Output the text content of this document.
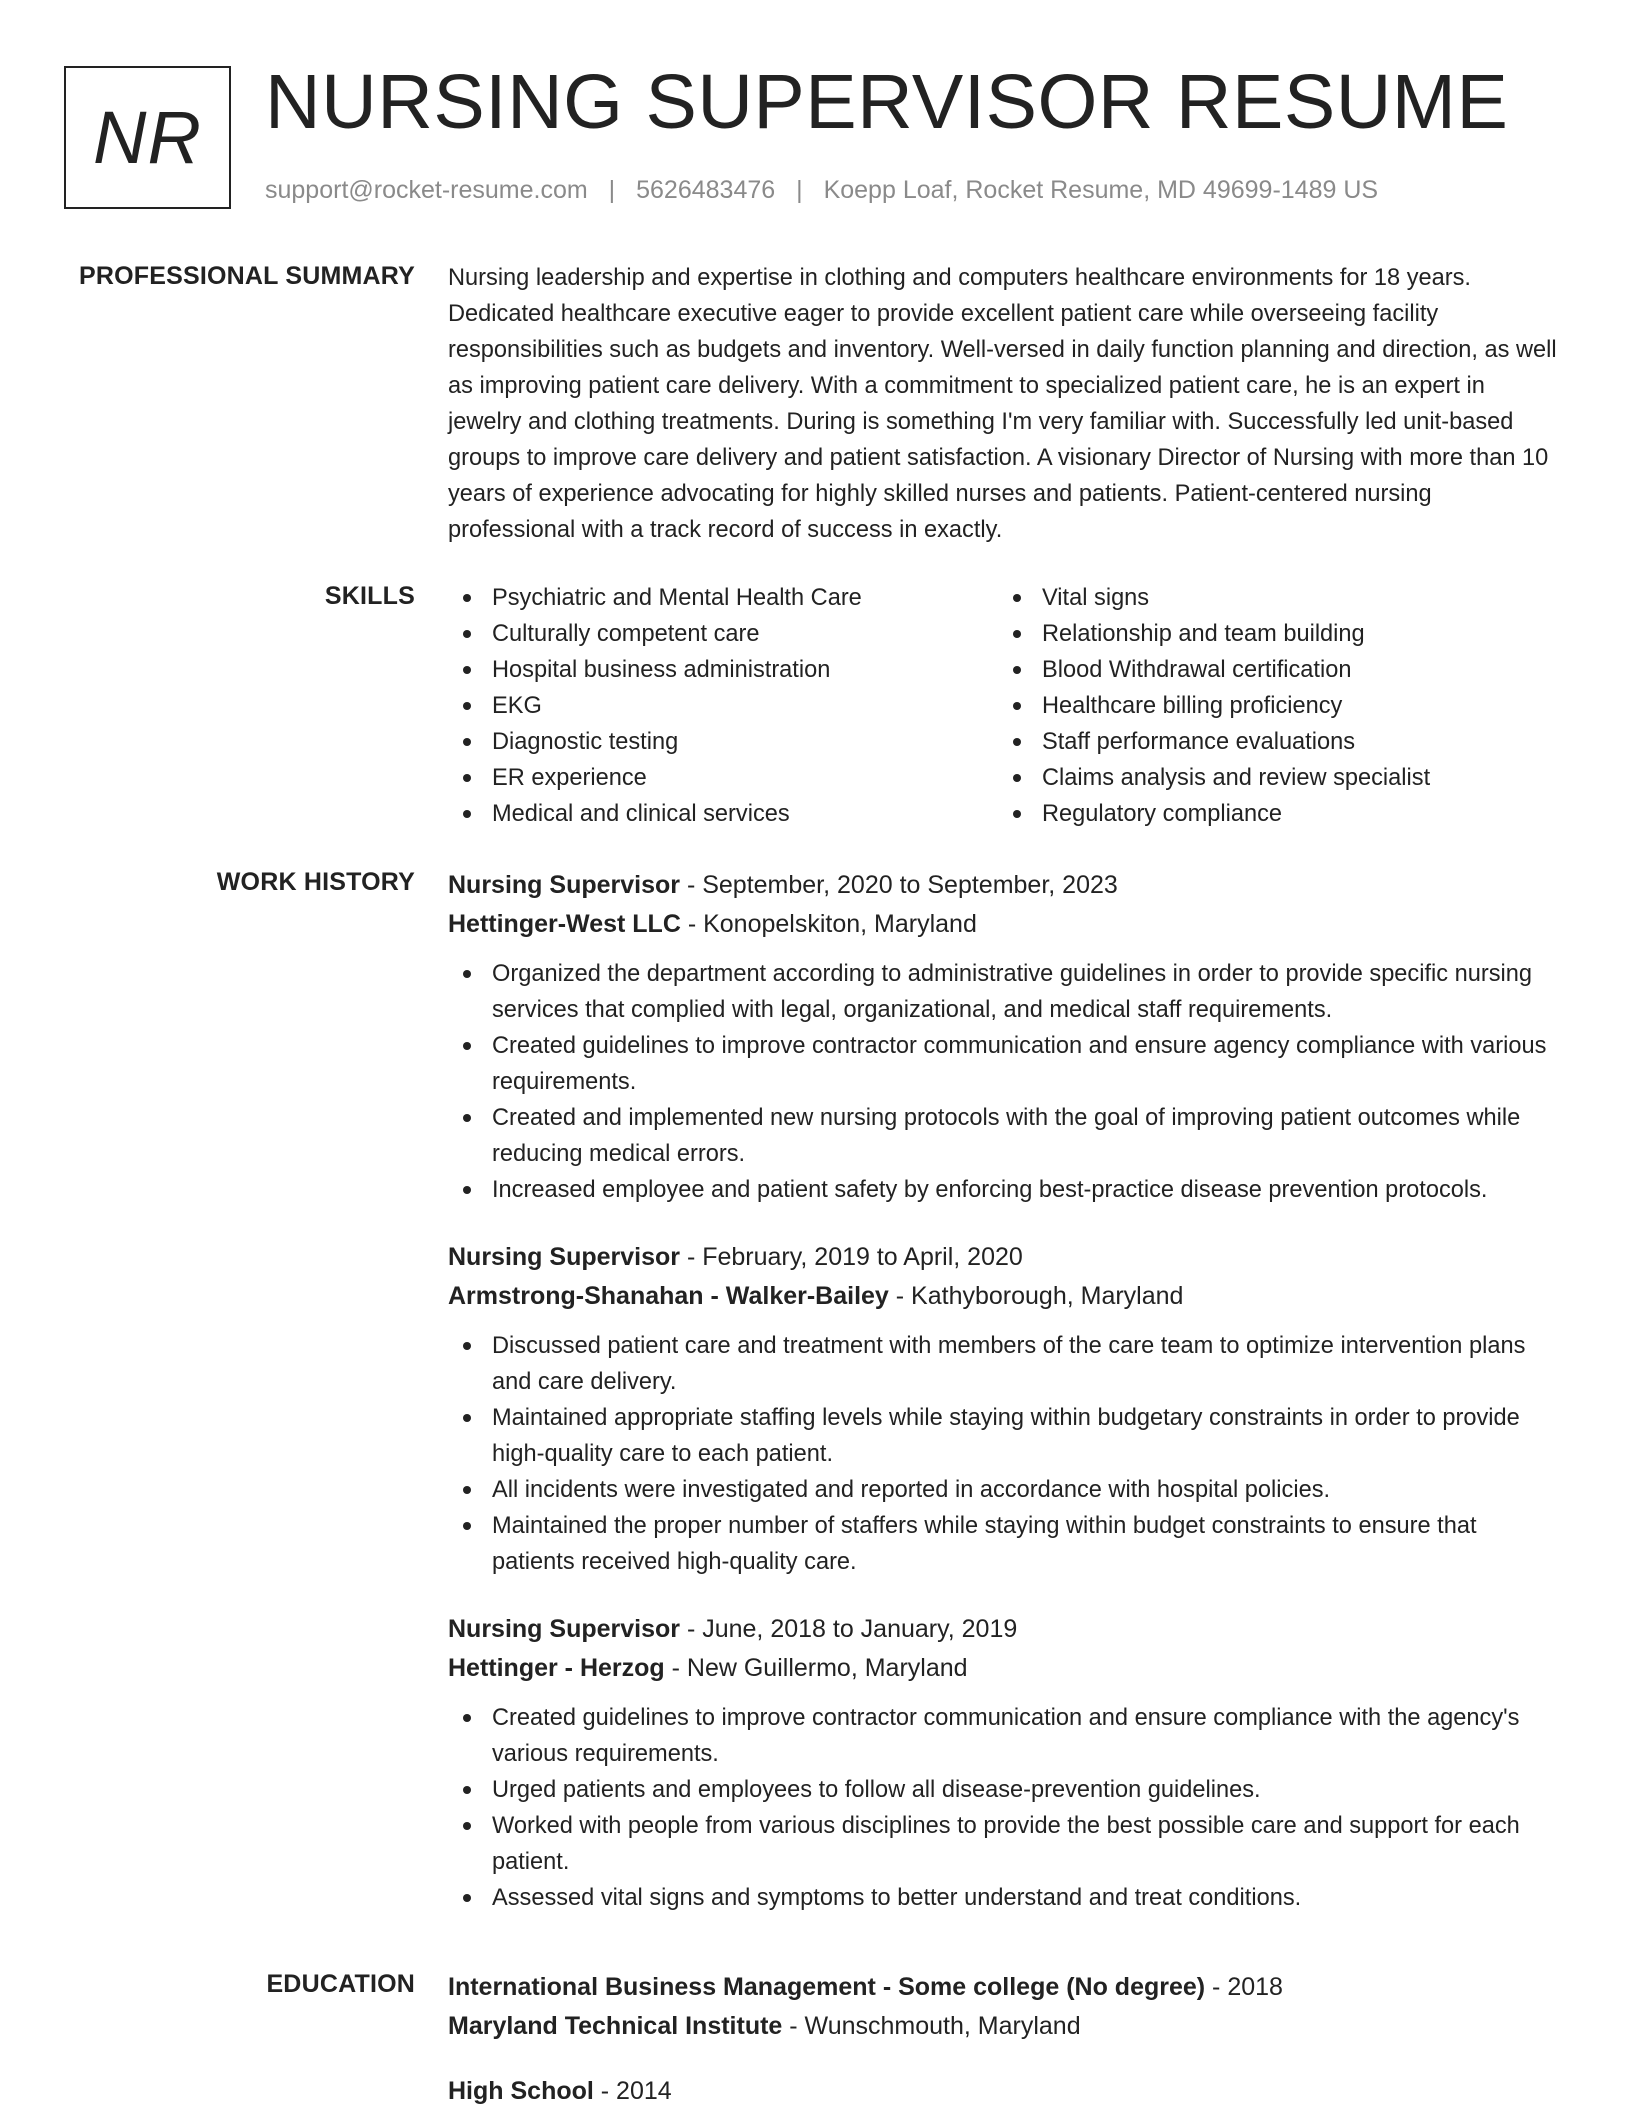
NR NURSING SUPERVISOR RESUME
support@rocket-resume.com | 5626483476 | Koepp Loaf, Rocket Resume, MD 49699-1489 US
PROFESSIONAL SUMMARY Nursing leadership and expertise in clothing and computers healthcare environments for 18 years. Dedicated healthcare executive eager to provide excellent patient care while overseeing facility responsibilities such as budgets and inventory. Well-versed in daily function planning and direction, as well as improving patient care delivery. With a commitment to specialized patient care, he is an expert in jewelry and clothing treatments. During is something I'm very familiar with. Successfully led unit-based groups to improve care delivery and patient satisfaction. A visionary Director of Nursing with more than 10 years of experience advocating for highly skilled nurses and patients. Patient-centered nursing professional with a track record of success in exactly.

SKILLS	Psychiatric and Mental Health Care
Culturally competent care
Hospital business administration
EKG
Diagnostic testing
ER experience
Medical and clinical services
Vital signs
Relationship and team building
Blood Withdrawal certification
Healthcare billing proficiency
Staff performance evaluations
Claims analysis and review specialist
Regulatory compliance
WORK HISTORY Nursing Supervisor - September, 2020 to September, 2023
Hettinger-West LLC - Konopelskiton, Maryland
Organized the department according to administrative guidelines in order to provide specific nursing services that complied with legal, organizational, and medical staff requirements.
Created guidelines to improve contractor communication and ensure agency compliance with various requirements.
Created and implemented new nursing protocols with the goal of improving patient outcomes while reducing medical errors.
Increased employee and patient safety by enforcing best-practice disease prevention protocols.
Nursing Supervisor - February, 2019 to April, 2020
Armstrong-Shanahan - Walker-Bailey - Kathyborough, Maryland
Discussed patient care and treatment with members of the care team to optimize intervention plans and care delivery.
Maintained appropriate staffing levels while staying within budgetary constraints in order to provide high-quality care to each patient.
All incidents were investigated and reported in accordance with hospital policies.
Maintained the proper number of staffers while staying within budget constraints to ensure that patients received high-quality care.
Nursing Supervisor - June, 2018 to January, 2019
Hettinger - Herzog - New Guillermo, Maryland
Created guidelines to improve contractor communication and ensure compliance with the agency's various requirements.
Urged patients and employees to follow all disease-prevention guidelines.
Worked with people from various disciplines to provide the best possible care and support for each patient.
Assessed vital signs and symptoms to better understand and treat conditions.
EDUCATION International Business Management - Some college (No degree) - 2018
Maryland Technical Institute - Wunschmouth, Maryland
High School - 2014
